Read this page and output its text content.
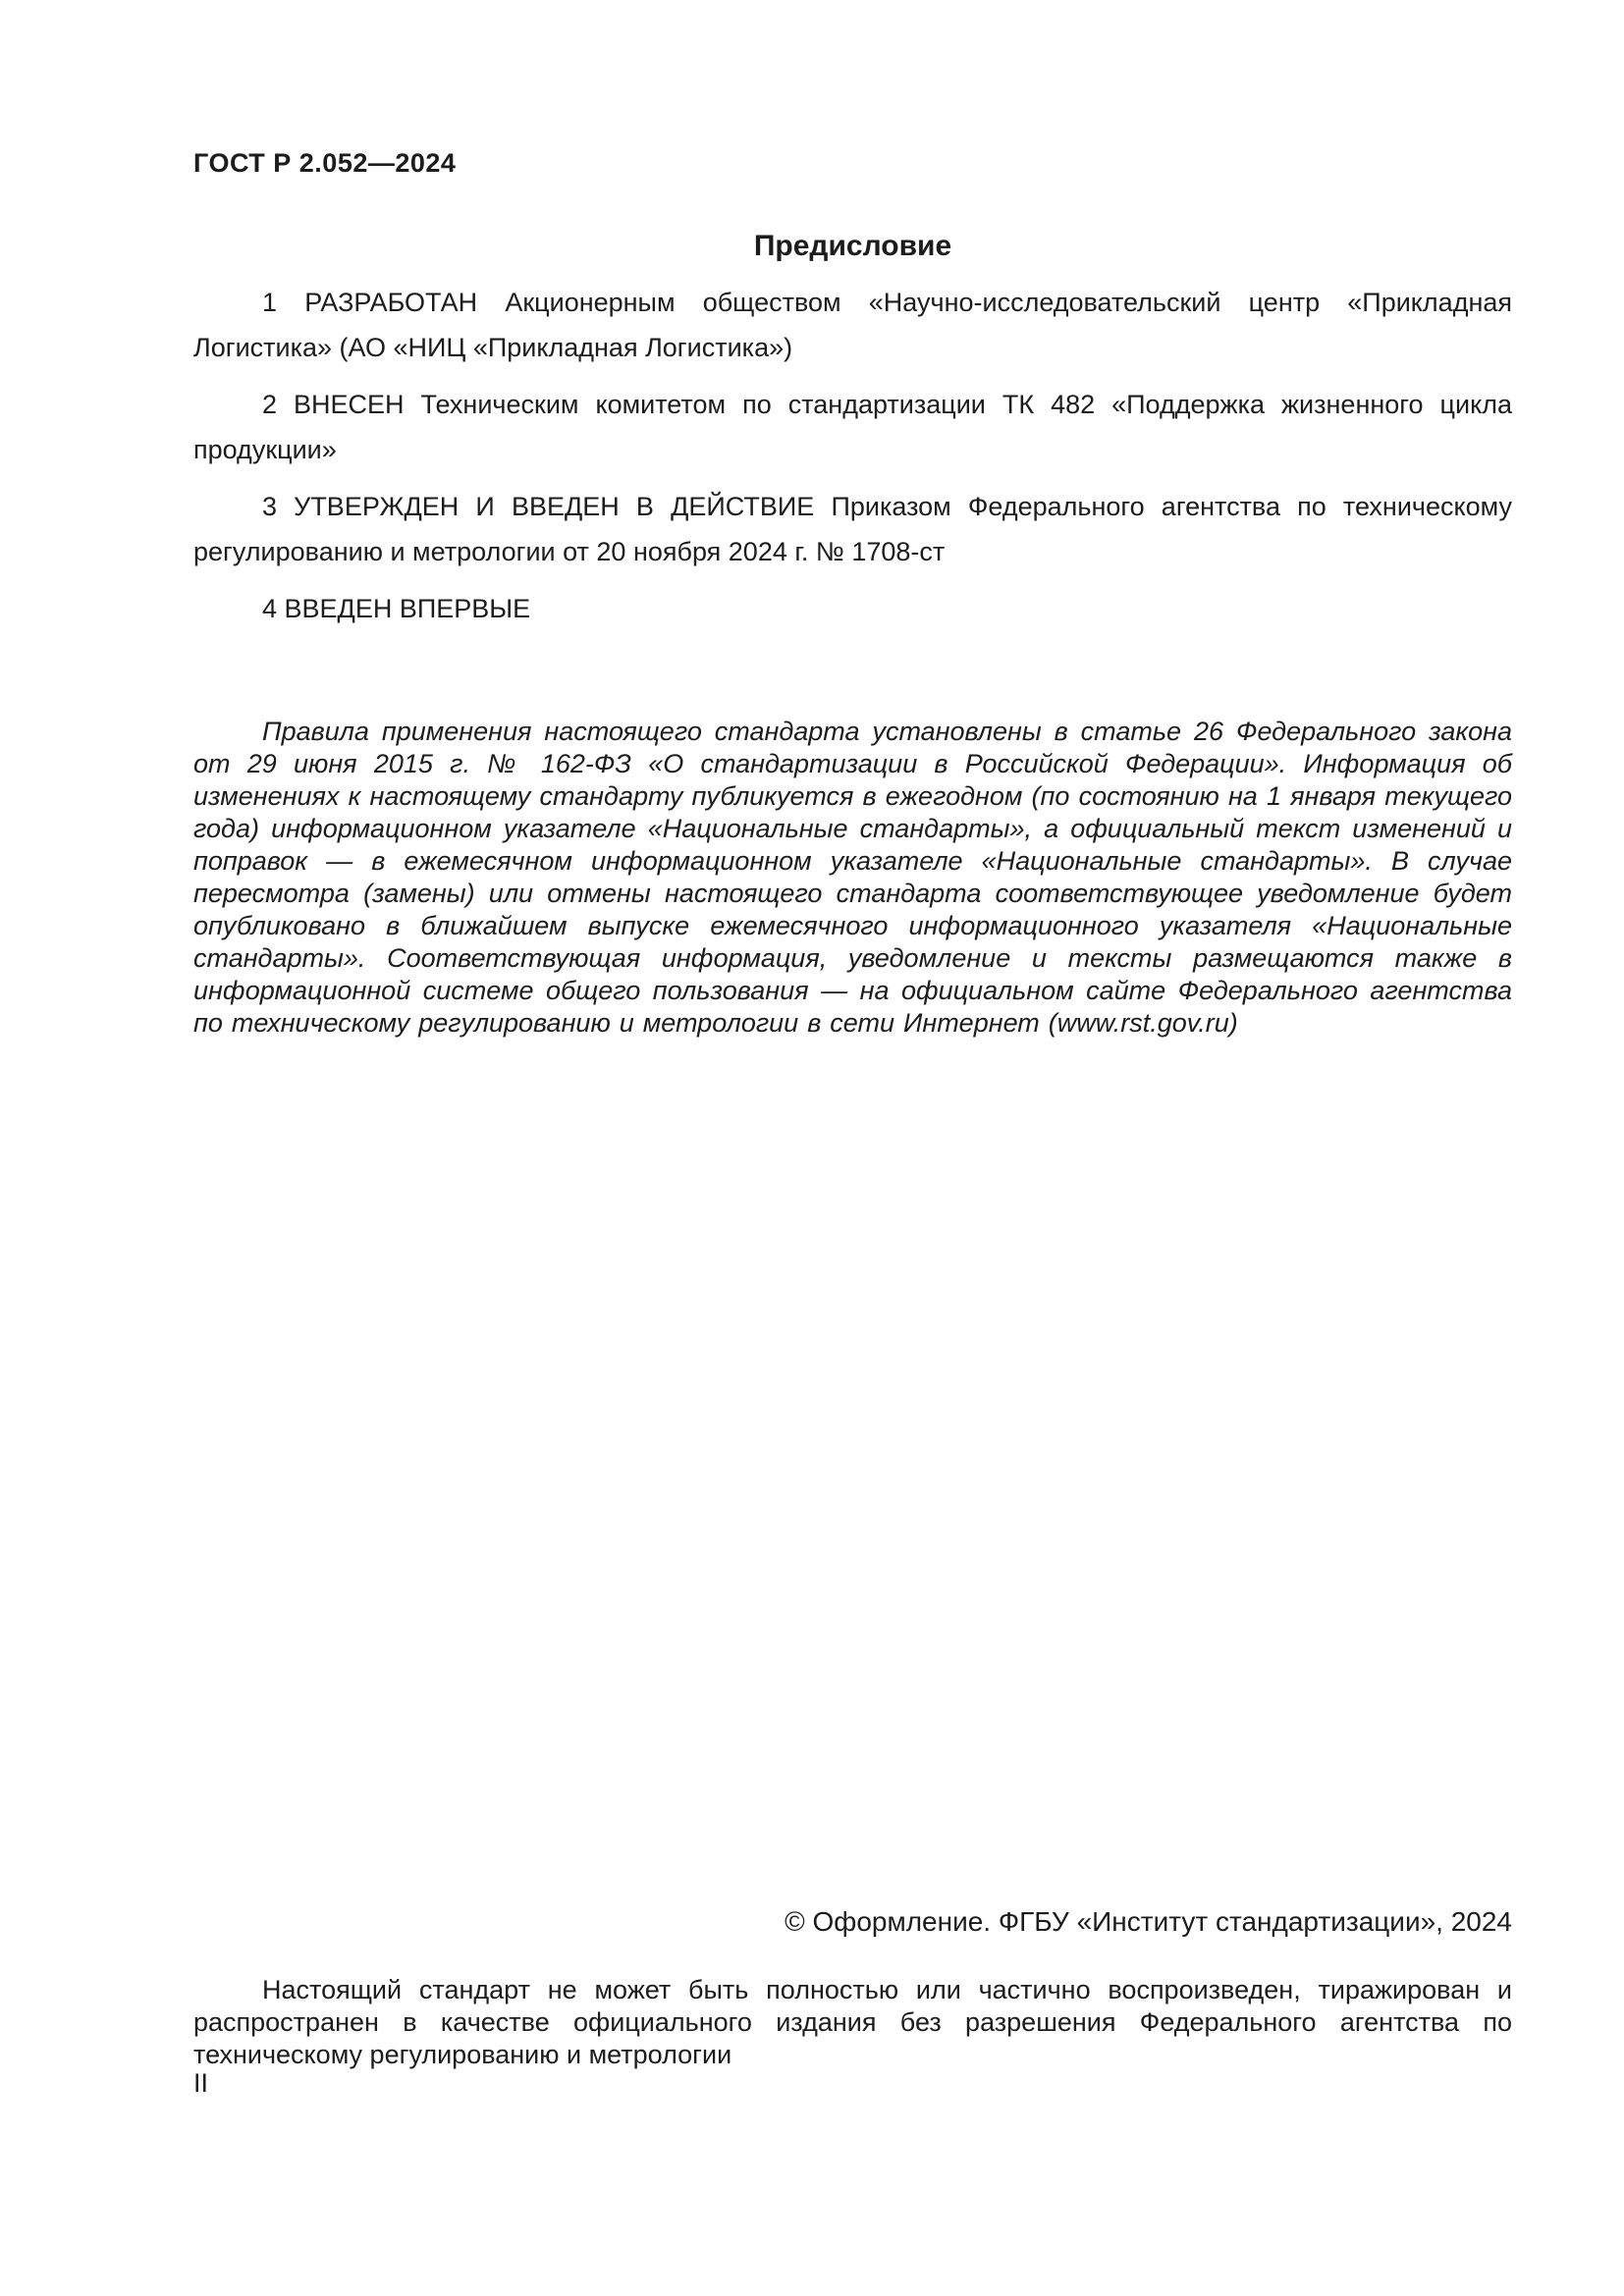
ГОСТ Р 2.052—2024
Предисловие

1 РАЗРАБОТАН Акционерным обществом «Научно-исследовательский центр «Прикладная Логистика» (АО «НИЦ «Прикладная Логистика»)

2 ВНЕСЕН Техническим комитетом по стандартизации ТК 482 «Поддержка жизненного цикла продукции»

3 УТВЕРЖДЕН И ВВЕДЕН В ДЕЙСТВИЕ Приказом Федерального агентства по техническому регулированию и метрологии от 20 ноября 2024 г. № 1708-ст

4 ВВЕДЕН ВПЕРВЫЕ

Правила применения настоящего стандарта установлены в статье 26 Федерального закона от 29 июня 2015 г. № 162-ФЗ «О стандартизации в Российской Федерации». Информация об изменениях к настоящему стандарту публикуется в ежегодном (по состоянию на 1 января текущего года) информационном указателе «Национальные стандарты», а официальный текст изменений и поправок — в ежемесячном информационном указателе «Национальные стандарты». В случае пересмотра (замены) или отмены настоящего стандарта соответствующее уведомление будет опубликовано в ближайшем выпуске ежемесячного информационного указателя «Национальные стандарты». Соответствующая информация, уведомление и тексты размещаются также в информационной системе общего пользования — на официальном сайте Федерального агентства по техническому регулированию и метрологии в сети Интернет (www.rst.gov.ru)

© Оформление. ФГБУ «Институт стандартизации», 2024

Настоящий стандарт не может быть полностью или частично воспроизведен, тиражирован и распространен в качестве официального издания без разрешения Федерального агентства по техническому регулированию и метрологии

II
